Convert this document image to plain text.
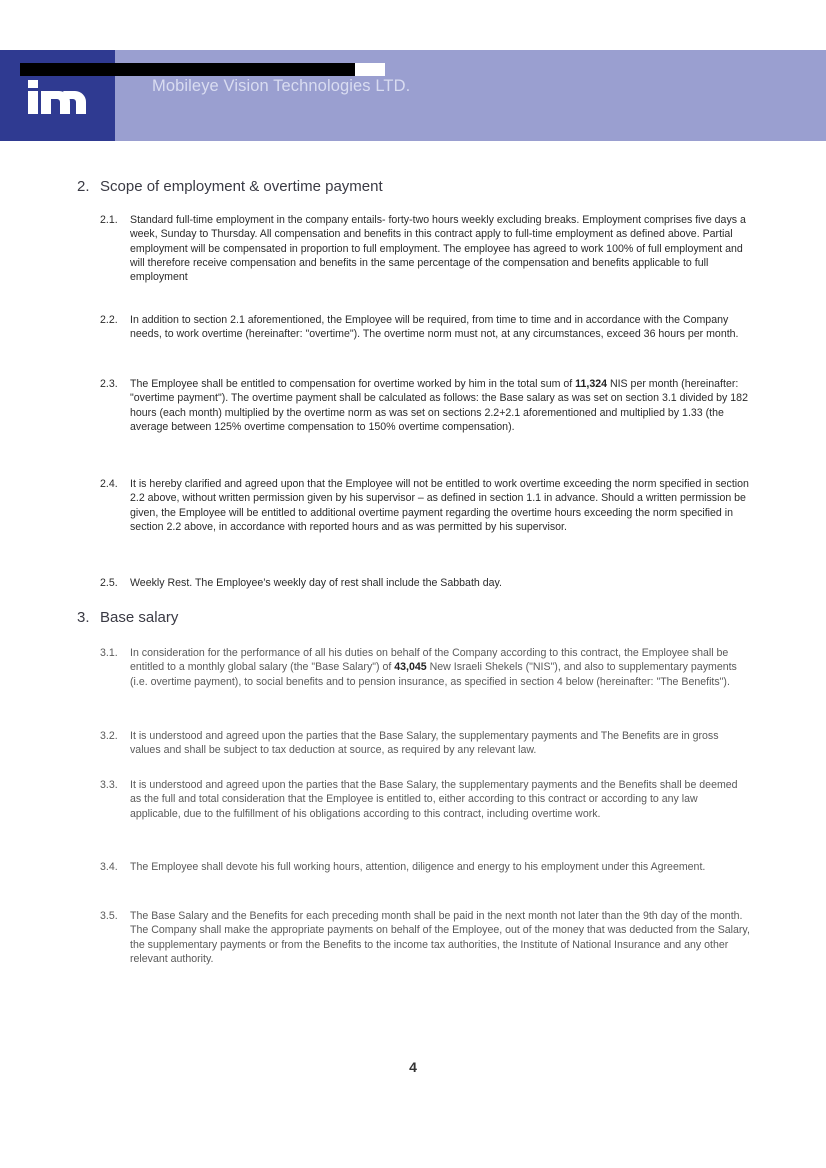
Mobileye Vision Technologies LTD.
2. Scope of employment & overtime payment
2.1.	Standard full-time employment in the company entails- forty-two hours weekly excluding breaks. Employment comprises five days a week, Sunday to Thursday. All compensation and benefits in this contract apply to full-time employment as defined above. Partial employment will be compensated in proportion to full employment. The employee has agreed to work 100% of full employment and will therefore receive compensation and benefits in the same percentage of the compensation and benefits applicable to full employment
2.2.	In addition to section 2.1 aforementioned, the Employee will be required, from time to time and in accordance with the Company needs, to work overtime (hereinafter: "overtime"). The overtime norm must not, at any circumstances, exceed 36 hours per month.
2.3.	The Employee shall be entitled to compensation for overtime worked by him in the total sum of 11,324 NIS per month (hereinafter: "overtime payment"). The overtime payment shall be calculated as follows: the Base salary as was set on section 3.1 divided by 182 hours (each month) multiplied by the overtime norm as was set on sections 2.2+2.1 aforementioned and multiplied by 1.33 (the average between 125% overtime compensation to 150% overtime compensation).
2.4.	It is hereby clarified and agreed upon that the Employee will not be entitled to work overtime exceeding the norm specified in section 2.2 above, without written permission given by his supervisor – as defined in section 1.1 in advance. Should a written permission be given, the Employee will be entitled to additional overtime payment regarding the overtime hours exceeding the norm specified in section 2.2 above, in accordance with reported hours and as was permitted by his supervisor.
2.5.	Weekly Rest. The Employee’s weekly day of rest shall include the Sabbath day.
3. Base salary
3.1.	In consideration for the performance of all his duties on behalf of the Company according to this contract, the Employee shall be entitled to a monthly global salary (the "Base Salary") of 43,045 New Israeli Shekels ("NIS"), and also to supplementary payments (i.e. overtime payment), to social benefits and to pension insurance, as specified in section 4 below (hereinafter: "The Benefits").
3.2.	It is understood and agreed upon the parties that the Base Salary, the supplementary payments and The Benefits are in gross values and shall be subject to tax deduction at source, as required by any relevant law.
3.3.	It is understood and agreed upon the parties that the Base Salary, the supplementary payments and the Benefits shall be deemed as the full and total consideration that the Employee is entitled to, either according to this contract or according to any law applicable, due to the fulfillment of his obligations according to this contract, including overtime work.
3.4.	The Employee shall devote his full working hours, attention, diligence and energy to his employment under this Agreement.
3.5.	The Base Salary and the Benefits for each preceding month shall be paid in the next month not later than the 9th day of the month. The Company shall make the appropriate payments on behalf of the Employee, out of the money that was deducted from the Salary, the supplementary payments or from the Benefits to the income tax authorities, the Institute of National Insurance and any other relevant authority.
4
